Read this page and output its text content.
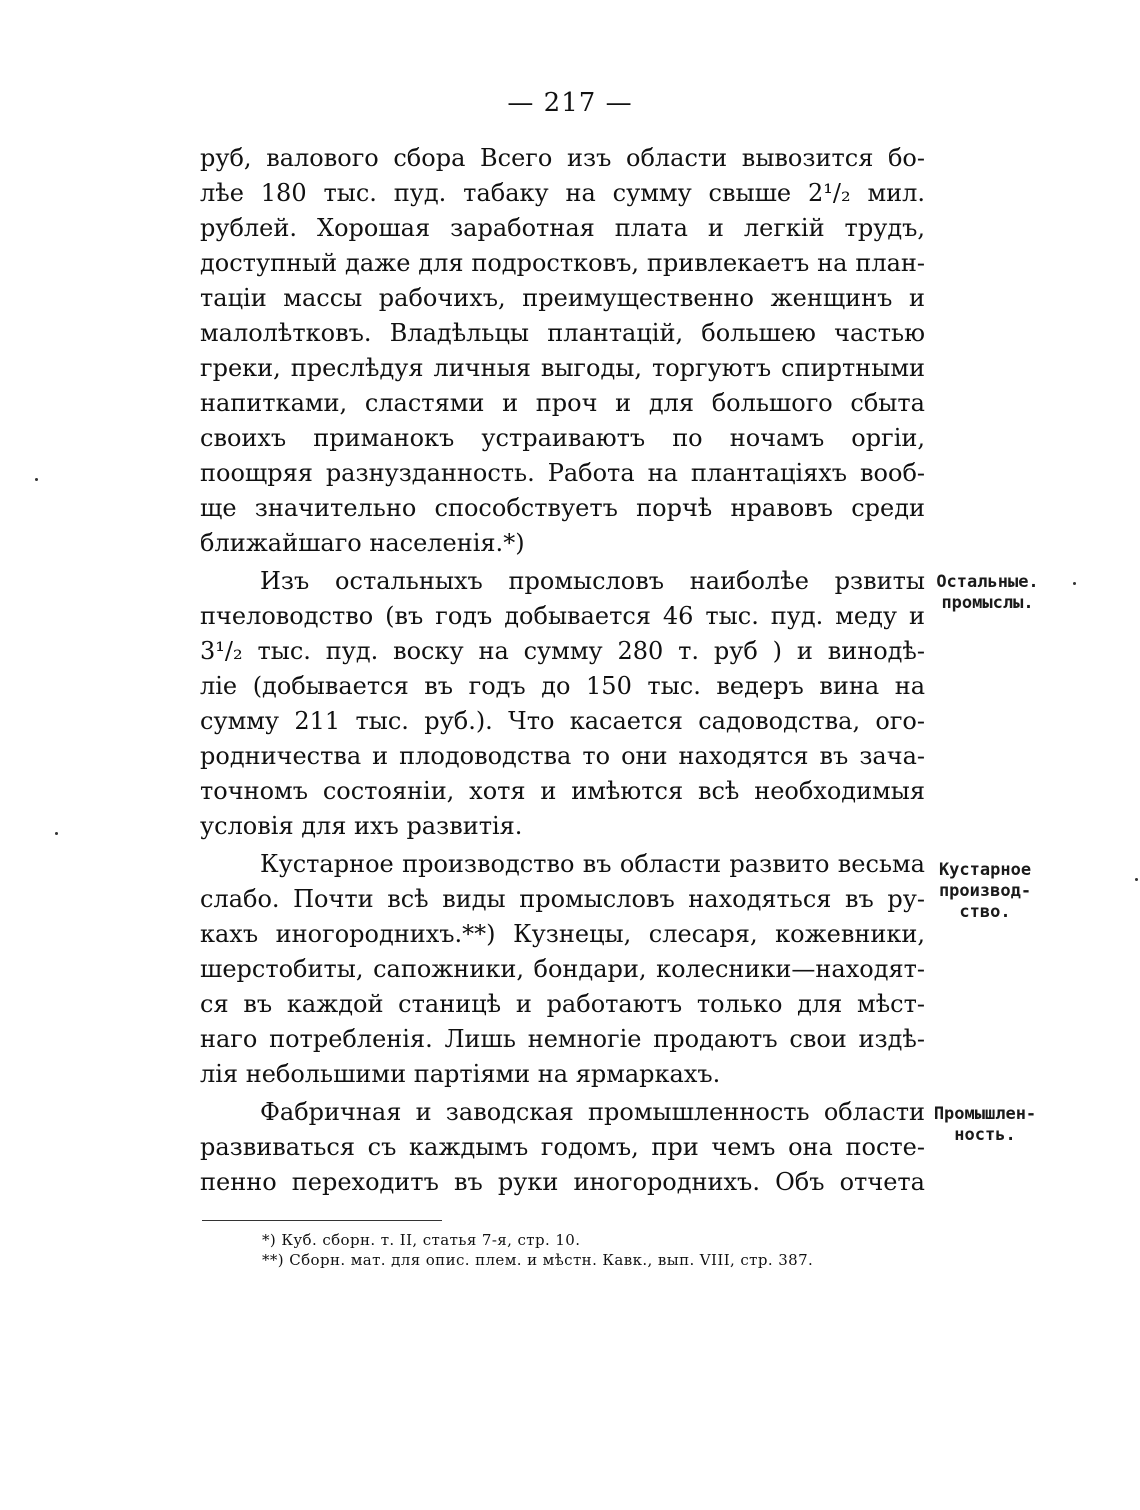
— 217 —
руб, валового сбора Всего изъ области вывозится бо-
лѣе 180 тыс. пуд. табаку на сумму свыше 2¹/₂ мил.
рублей. Хорошая заработная плата и легкій трудъ,
доступный даже для подростковъ, привлекаетъ на план-
таціи массы рабочихъ, преимущественно женщинъ и
малолѣтковъ. Владѣльцы плантацій, большею частью
греки, преслѣдуя личныя выгоды, торгуютъ спиртными
напитками, сластями и проч и для большого сбыта
своихъ приманокъ устраиваютъ по ночамъ оргіи,
поощряя разнузданность. Работа на плантаціяхъ вооб-
ще значительно способствуетъ порчѣ нравовъ среди
ближайшаго населенія.*)
Изъ остальныхъ промысловъ наиболѣе рзвиты
пчеловодство (въ годъ добывается 46 тыс. пуд. меду и
3¹/₂ тыс. пуд. воску на сумму 280 т. руб ) и винодѣ-
ліе (добывается въ годъ до 150 тыс. ведеръ вина на
сумму 211 тыс. руб.). Что касается садоводства, ого-
родничества и плодоводства то они находятся въ зача-
точномъ состояніи, хотя и имѣются всѣ необходимыя
условія для ихъ развитія.
Кустарное производство въ области развито весьма
слабо. Почти всѣ виды промысловъ находяться въ ру-
кахъ иногороднихъ.**) Кузнецы, слесаря, кожевники,
шерстобиты, сапожники, бондари, колесники—находят-
ся въ каждой станицѣ и работаютъ только для мѣст-
наго потребленія. Лишь немногіе продаютъ свои издѣ-
лія небольшими партіями на ярмаркахъ.
Фабричная и заводская промышленность области
развиваться съ каждымъ годомъ, при чемъ она посте-
пенно переходитъ въ руки иногороднихъ. Объ отчета
Остальные.
промыслы.
Кустарное
производ-
ство.
Промышлен-
ность.
*) Куб. сборн. т. II, статья 7-я, стр. 10.
**) Сборн. мат. для опис. плем. и мѣстн. Кавк., вып. VIII, стр. 387.
